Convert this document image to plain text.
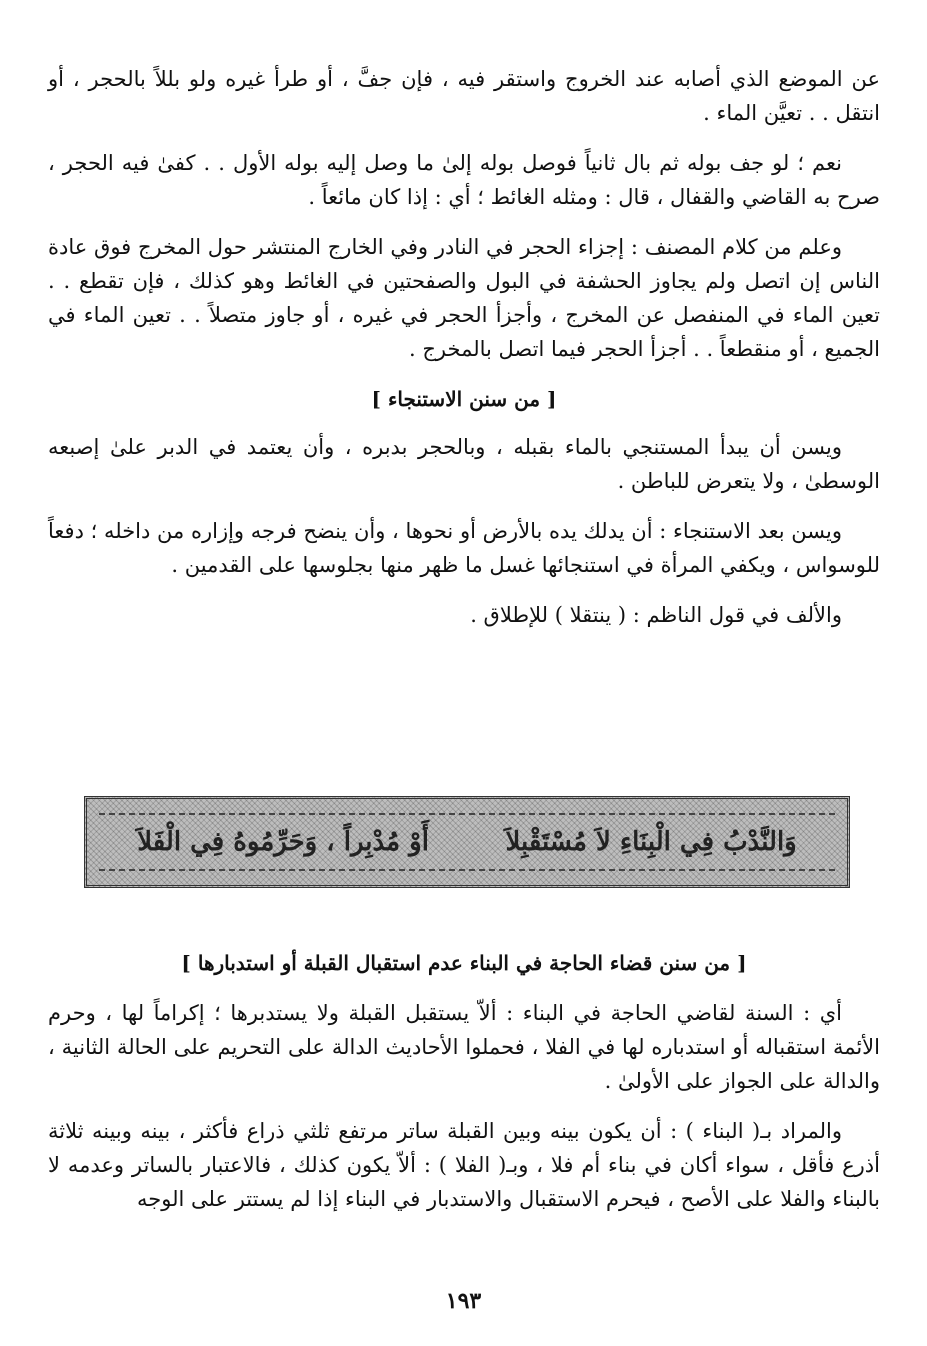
عن الموضع الذي أصابه عند الخروج واستقر فيه ، فإن جفَّ ، أو طرأ غيره ولو بللاً بالحجر ، أو انتقل . . تعيَّن الماء .

نعم ؛ لو جف بوله ثم بال ثانياً فوصل بوله إلىٰ ما وصل إليه بوله الأول . . كفىٰ فيه الحجر ، صرح به القاضي والقفال ، قال : ومثله الغائط ؛ أي : إذا كان مائعاً .

وعلم من كلام المصنف : إجزاء الحجر في النادر وفي الخارج المنتشر حول المخرج فوق عادة الناس إن اتصل ولم يجاوز الحشفة في البول والصفحتين في الغائط وهو كذلك ، فإن تقطع . . تعين الماء في المنفصل عن المخرج ، وأجزأ الحجر في غيره ، أو جاوز متصلاً . . تعين الماء في الجميع ، أو منقطعاً . . أجزأ الحجر فيما اتصل بالمخرج .

[ من سنن الاستنجاء ]

ويسن أن يبدأ المستنجي بالماء بقبله ، وبالحجر بدبره ، وأن يعتمد في الدبر علىٰ إصبعه الوسطىٰ ، ولا يتعرض للباطن .

ويسن بعد الاستنجاء : أن يدلك يده بالأرض أو نحوها ، وأن ينضح فرجه وإزاره من داخله ؛ دفعاً للوسواس ، ويكفي المرأة في استنجائها غسل ما ظهر منها بجلوسها على القدمين .

والألف في قول الناظم : ( ينتقلا ) للإطلاق .

وَالنَّدْبُ فِي الْبِنَاءِ لاَ مُسْتَقْبِلاَ
أَوْ مُدْبِراً ، وَحَرِّمُوهُ فِي الْفَلاَ
[ من سنن قضاء الحاجة في البناء عدم استقبال القبلة أو استدبارها ]

أي : السنة لقاضي الحاجة في البناء : ألاّ يستقبل القبلة ولا يستدبرها ؛ إكراماً لها ، وحرم الأئمة استقباله أو استدباره لها في الفلا ، فحملوا الأحاديث الدالة على التحريم على الحالة الثانية ، والدالة على الجواز على الأولىٰ .

والمراد بـ( البناء ) : أن يكون بينه وبين القبلة ساتر مرتفع ثلثي ذراع فأكثر ، بينه وبينه ثلاثة أذرع فأقل ، سواء أكان في بناء أم فلا ، وبـ( الفلا ) : ألاّ يكون كذلك ، فالاعتبار بالساتر وعدمه لا بالبناء والفلا على الأصح ، فيحرم الاستقبال والاستدبار في البناء إذا لم يستتر على الوجه

١٩٣
